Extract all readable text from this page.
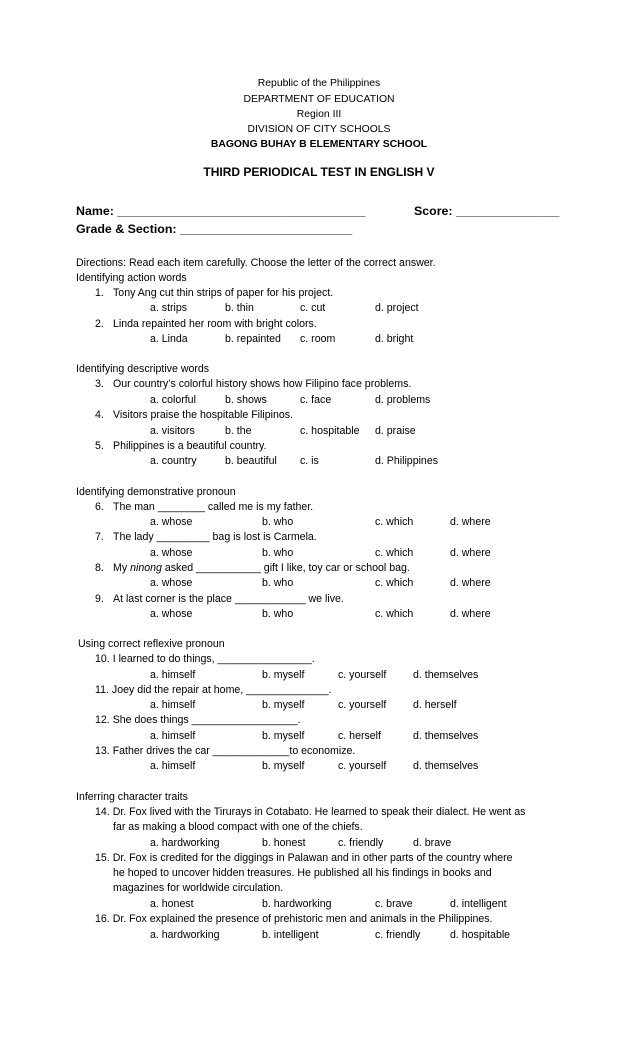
Republic of the Philippines
DEPARTMENT OF EDUCATION
Region III
DIVISION OF CITY SCHOOLS
BAGONG BUHAY B ELEMENTARY SCHOOL
THIRD PERIODICAL TEST IN ENGLISH V
Name: ____________________________________	Score: _______________
Grade & Section: _________________________
Directions: Read each item carefully. Choose the letter of the correct answer.
Identifying action words
1. Tony Ang cut thin strips of paper for his project.
a. strips	b. thin	c. cut	d. project
2. Linda repainted her room with bright colors.
a. Linda	b. repainted c. room	d. bright
Identifying descriptive words
3. Our country’s colorful history shows how Filipino face problems.
a. colorful	b. shows	c. face	d. problems
4. Visitors praise the hospitable Filipinos.
a. visitors	b. the	c. hospitable d. praise
5. Philippines is a beautiful country.
a. country	b. beautiful c. is	d. Philippines
Identifying demonstrative pronoun
6. The man ________ called me is my father.
a. whose	b. who	c. which	d. where
7. The lady _________ bag is lost is Carmela.
a. whose	b. who	c. which	d. where
8. My ninong asked ___________ gift I like, toy car or school bag.
a. whose	b. who	c. which	d. where
9. At last corner is the place ____________ we live.
a. whose	b. who	c. which	d. where
Using correct reflexive pronoun
10. I learned to do things, ________________.
a. himself	b. myself	c. yourself	d. themselves
11. Joey did the repair at home, ______________.
a. himself	b. myself	c. yourself	d. herself
12. She does things __________________.
a. himself	b. myself	c. herself	d. themselves
13. Father drives the car _____________to economize.
a. himself	b. myself	c. yourself	d. themselves
Inferring character traits
14. Dr. Fox lived with the Tirurays in Cotabato. He learned to speak their dialect. He went as
far as making a blood compact with one of the chiefs.
a. hardworking	b. honest	c. friendly	d. brave
15. Dr. Fox is credited for the diggings in Palawan and in other parts of the country where
he hoped to uncover hidden treasures. He published all his findings in books and
magazines for worldwide circulation.
a. honest	b. hardworking	c. brave	d. intelligent
16. Dr. Fox explained the presence of prehistoric men and animals in the Philippines.
a. hardworking	b. intelligent	c. friendly	d. hospitable
